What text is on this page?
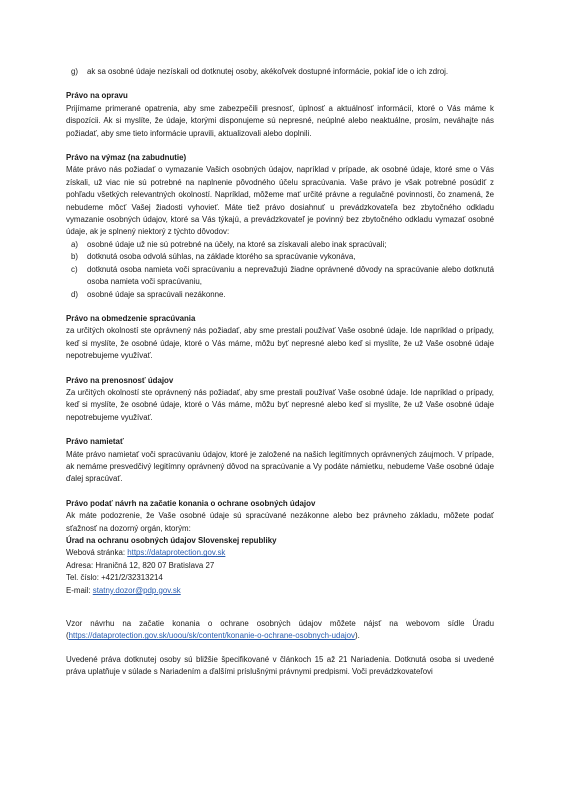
g)	ak sa osobné údaje nezískali od dotknutej osoby, akékoľvek dostupné informácie, pokiaľ ide o ich zdroj.

Právo na opravu

Prijímame primerané opatrenia, aby sme zabezpečili presnosť, úplnosť a aktuálnosť informácií, ktoré o Vás máme k dispozícii. Ak si myslíte, že údaje, ktorými disponujeme sú nepresné, neúplné alebo neaktuálne, prosím, neváhajte nás požiadať, aby sme tieto informácie upravili, aktualizovali alebo doplnili.

Právo na výmaz (na zabudnutie)

Máte právo nás požiadať o vymazanie Vašich osobných údajov, napríklad v prípade, ak osobné údaje, ktoré sme o Vás získali, už viac nie sú potrebné na naplnenie pôvodného účelu spracúvania. Vaše právo je však potrebné posúdiť z pohľadu všetkých relevantných okolností. Napríklad, môžeme mať určité právne a regulačné povinnosti, čo znamená, že nebudeme môcť Vašej žiadosti vyhovieť. Máte tiež právo dosiahnuť u prevádzkovateľa bez zbytočného odkladu vymazanie osobných údajov, ktoré sa Vás týkajú, a prevádzkovateľ je povinný bez zbytočného odkladu vymazať osobné údaje, ak je splnený niektorý z týchto dôvodov:

a)	osobné údaje už nie sú potrebné na účely, na ktoré sa získavali alebo inak spracúvali;
b)	dotknutá osoba odvolá súhlas, na základe ktorého sa spracúvanie vykonáva,
c)	dotknutá osoba namieta voči spracúvaniu a neprevažujú žiadne oprávnené dôvody na spracúvanie alebo dotknutá osoba namieta voči spracúvaniu,
d)	osobné údaje sa spracúvali nezákonne.

Právo na obmedzenie spracúvania

za určitých okolností ste oprávnený nás požiadať, aby sme prestali používať Vaše osobné údaje. Ide napríklad o prípady, keď si myslíte, že osobné údaje, ktoré o Vás máme, môžu byť nepresné alebo keď si myslíte, že už Vaše osobné údaje nepotrebujeme využívať.

Právo na prenosnosť údajov

Za určitých okolností ste oprávnený nás požiadať, aby sme prestali používať Vaše osobné údaje. Ide napríklad o prípady, keď si myslíte, že osobné údaje, ktoré o Vás máme, môžu byť nepresné alebo keď si myslíte, že už Vaše osobné údaje nepotrebujeme využívať.

Právo namietať

Máte právo namietať voči spracúvaniu údajov, ktoré je založené na našich legitímnych oprávnených záujmoch. V prípade, ak nemáme presvedčivý legitímny oprávnený dôvod na spracúvanie a Vy podáte námietku, nebudeme Vaše osobné údaje ďalej spracúvať.

Právo podať návrh na začatie konania o ochrane osobných údajov

Ak máte podozrenie, že Vaše osobné údaje sú spracúvané nezákonne alebo bez právneho základu, môžete podať sťažnosť na dozorný orgán, ktorým:

Úrad na ochranu osobných údajov Slovenskej republiky
Webová stránka: https://dataprotection.gov.sk
Adresa: Hraničná 12, 820 07 Bratislava 27
Tel. číslo: +421/2/32313214
E-mail: statny.dozor@pdp.gov.sk

Vzor návrhu na začatie konania o ochrane osobných údajov môžete nájsť na webovom sídle Úradu (https://dataprotection.gov.sk/uoou/sk/content/konanie-o-ochrane-osobnych-udajov).

Uvedené práva dotknutej osoby sú bližšie špecifikované v článkoch 15 až 21 Nariadenia. Dotknutá osoba si uvedené práva uplatňuje v súlade s Nariadením a ďalšími príslušnými právnymi predpismi. Voči prevádzkovateľovi
